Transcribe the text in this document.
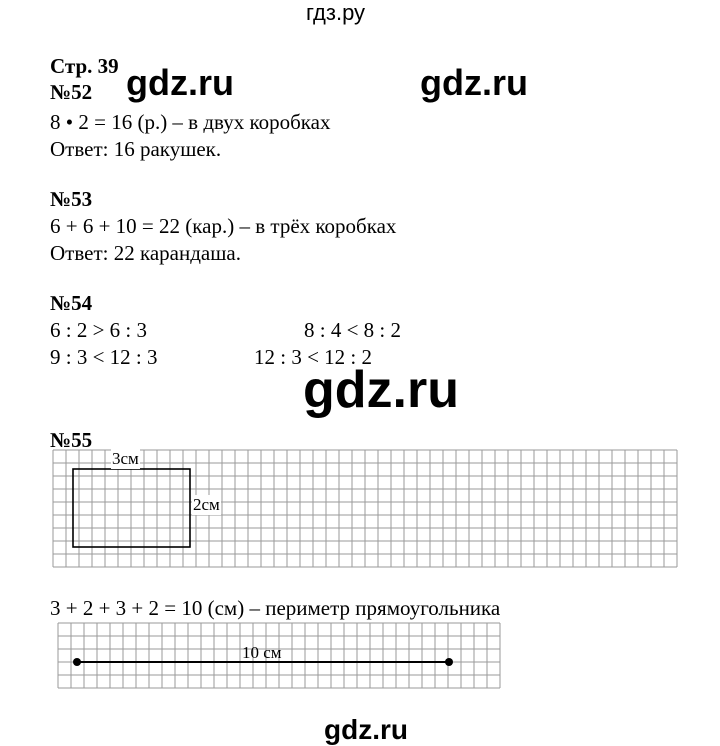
гдз.ру
Стр. 39 gdz.ru	gdz.ru
gdz.ru
gdz.ru
№52
8 • 2 = 16 (р.) – в двух коробках
Ответ: 16 ракушек.
№53
6 + 6 + 10 = 22 (кар.) – в трёх коробках
Ответ: 22 карандаша.
№54
6 : 2 > 6 : 3	8 : 4 < 8 : 2
9 : 3 < 12 : 3	12 : 3 < 12 : 2
№55
3см
2см
3 + 2 + 3 + 2 = 10 (см) – периметр прямоугольника
10 см
